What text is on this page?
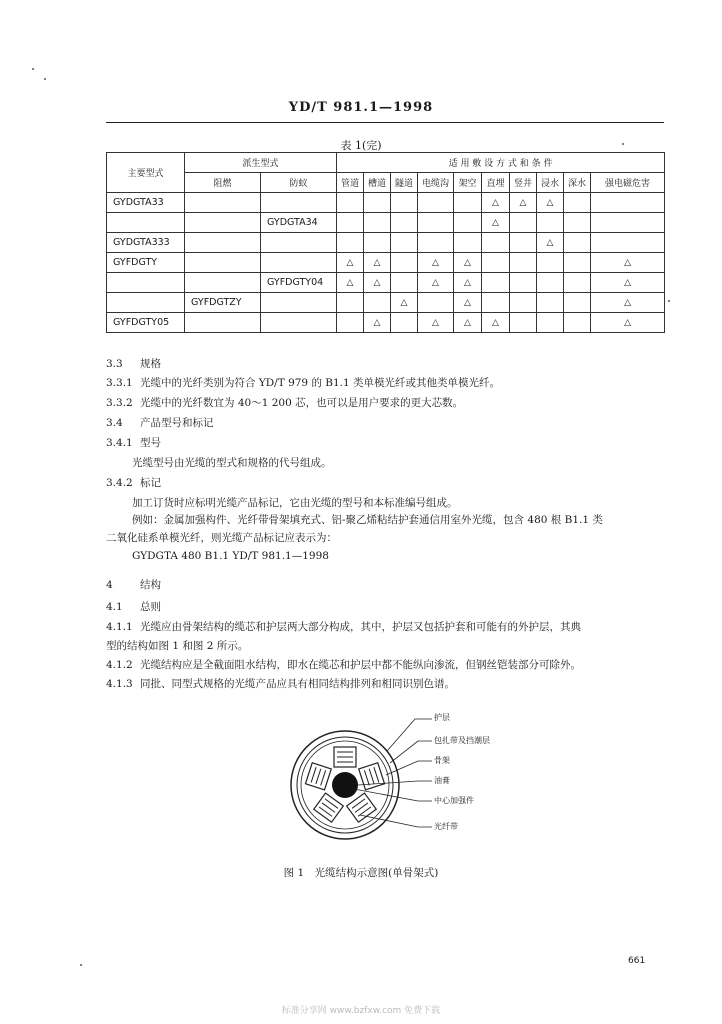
YD/T 981.1—1998
表 1(完)
主要型式	派生型式		适 用 敷 设 方 式 和 条 件									
	阻燃	防蚁	管道	槽道	隧道	电缆沟	架空	直埋	竖井	浸水	深水	强电磁危害
GYDGTA33								△	△	△		
		GYDGTA34						△				
GYDGTA333										△		
GYFDGTY			△	△		△	△					△
		GYFDGTY04	△	△		△	△					△
	GYFDGTZY				△		△					△
GYFDGTY05				△		△	△	△				△
3.3 规格
3.3.1 光缆中的光纤类别为符合 YD/T 979 的 B1.1 类单模光纤或其他类单模光纤。
3.3.2 光缆中的光纤数宜为 40～1 200 芯，也可以是用户要求的更大芯数。
3.4 产品型号和标记
3.4.1 型号
光缆型号由光缆的型式和规格的代号组成。
3.4.2 标记
加工订货时应标明光缆产品标记，它由光缆的型号和本标准编号组成。
例如：金属加强构件、光纤带骨架填充式、铝-聚乙烯粘结护套通信用室外光缆，包含 480 根 B1.1 类
二氧化硅系单模光纤，则光缆产品标记应表示为：
GYDGTA 480 B1.1 YD/T 981.1—1998
4	结构
4.1 总则
4.1.1 光缆应由骨架结构的缆芯和护层两大部分构成，其中，护层又包括护套和可能有的外护层，其典
型的结构如图 1 和图 2 所示。
4.1.2 光缆结构应是全截面阻水结构，即水在缆芯和护层中都不能纵向渗流，但钢丝铠装部分可除外。
4.1.3 同批、同型式规格的光缆产品应具有相同结构排列和相同识别色谱。
护层
包扎带及挡潮层
骨架
油膏
中心加强件
光纤带
图 1　光缆结构示意图(单骨架式)
661
标准分享网 www.bzfxw.com 免费下载
